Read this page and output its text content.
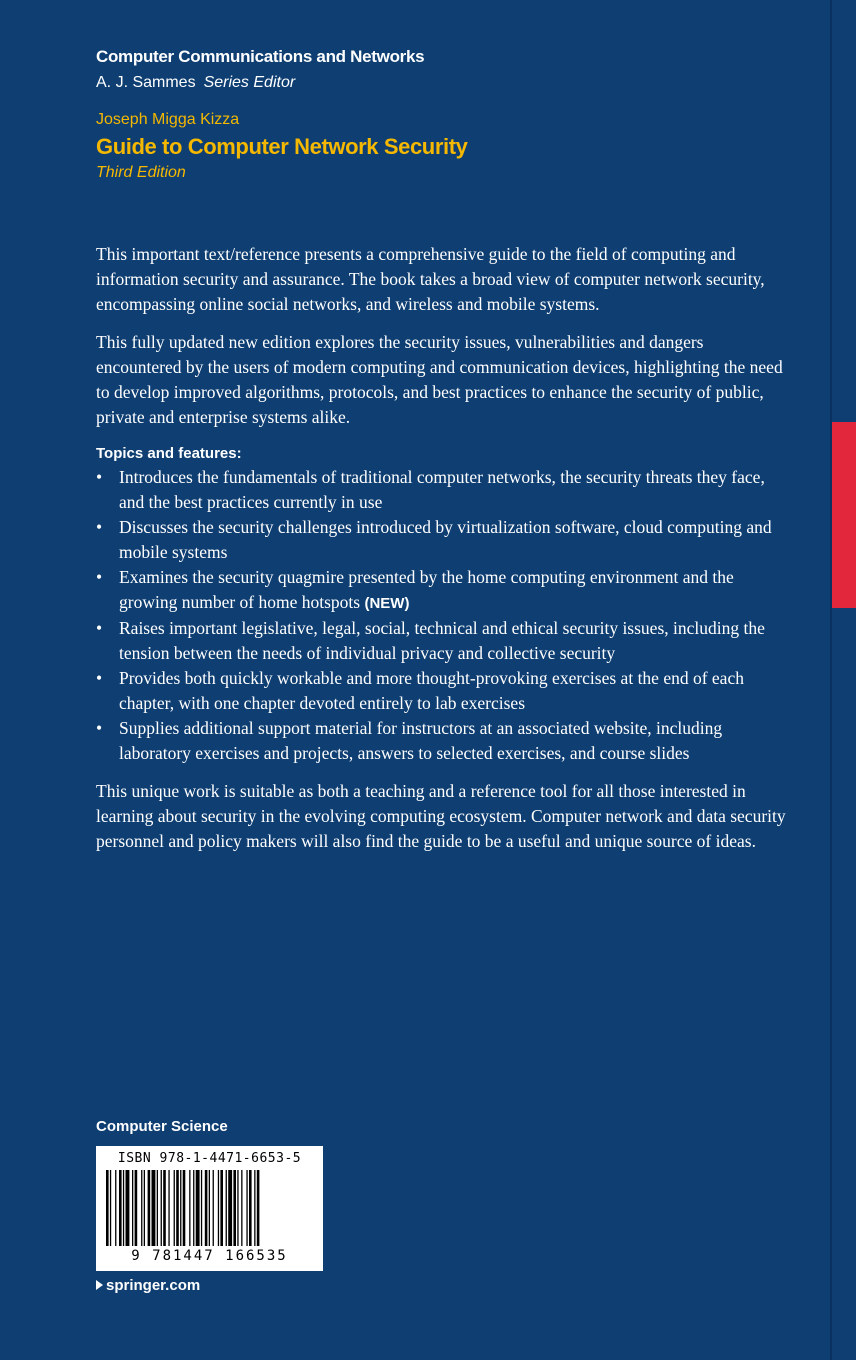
Computer Communications and Networks
A. J. Sammes Series Editor
Joseph Migga Kizza
Guide to Computer Network Security
Third Edition

This important text/reference presents a comprehensive guide to the field of computing and information security and assurance. The book takes a broad view of computer network security, encompassing online social networks, and wireless and mobile systems.

This fully updated new edition explores the security issues, vulnerabilities and dangers encountered by the users of modern computing and communication devices, highlighting the need to develop improved algorithms, protocols, and best practices to enhance the security of public, private and enterprise systems alike.

Topics and features:
• Introduces the fundamentals of traditional computer networks, the security threats they face, and the best practices currently in use
• Discusses the security challenges introduced by virtualization software, cloud computing and mobile systems
• Examines the security quagmire presented by the home computing environment and the growing number of home hotspots (NEW)
• Raises important legislative, legal, social, technical and ethical security issues, including the tension between the needs of individual privacy and collective security
• Provides both quickly workable and more thought-provoking exercises at the end of each chapter, with one chapter devoted entirely to lab exercises
• Supplies additional support material for instructors at an associated website, including laboratory exercises and projects, answers to selected exercises, and course slides

This unique work is suitable as both a teaching and a reference tool for all those interested in learning about security in the evolving computing ecosystem. Computer network and data security personnel and policy makers will also find the guide to be a useful and unique source of ideas.

Computer Science
ISBN 978-1-4471-6653-5
9 781447 166535
springer.com
